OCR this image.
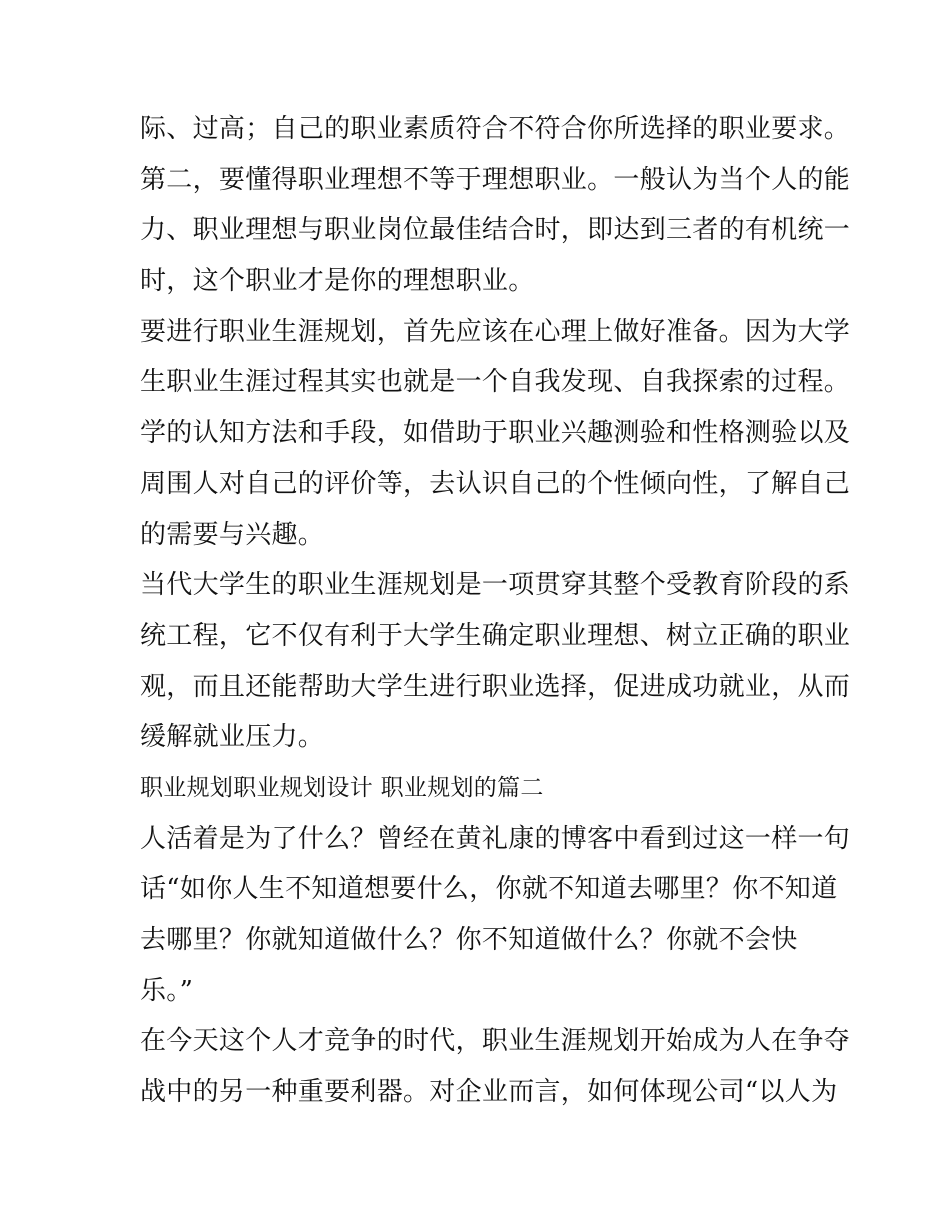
际、过高；自己的职业素质符合不符合你所选择的职业要求。
第二，要懂得职业理想不等于理想职业。一般认为当个人的能
力、职业理想与职业岗位最佳结合时，即达到三者的有机统一
时，这个职业才是你的理想职业。
要进行职业生涯规划，首先应该在心理上做好准备。因为大学
生职业生涯过程其实也就是一个自我发现、自我探索的过程。
学的认知方法和手段，如借助于职业兴趣测验和性格测验以及
周围人对自己的评价等，去认识自己的个性倾向性，了解自己
的需要与兴趣。
当代大学生的职业生涯规划是一项贯穿其整个受教育阶段的系
统工程，它不仅有利于大学生确定职业理想、树立正确的职业
观，而且还能帮助大学生进行职业选择，促进成功就业，从而
缓解就业压力。
职业规划职业规划设计 职业规划的篇二
人活着是为了什么？曾经在黄礼康的博客中看到过这一样一句
话“如你人生不知道想要什么，你就不知道去哪里？你不知道
去哪里？你就知道做什么？你不知道做什么？你就不会快
乐。”
在今天这个人才竞争的时代，职业生涯规划开始成为人在争夺
战中的另一种重要利器。对企业而言，如何体现公司“以人为
